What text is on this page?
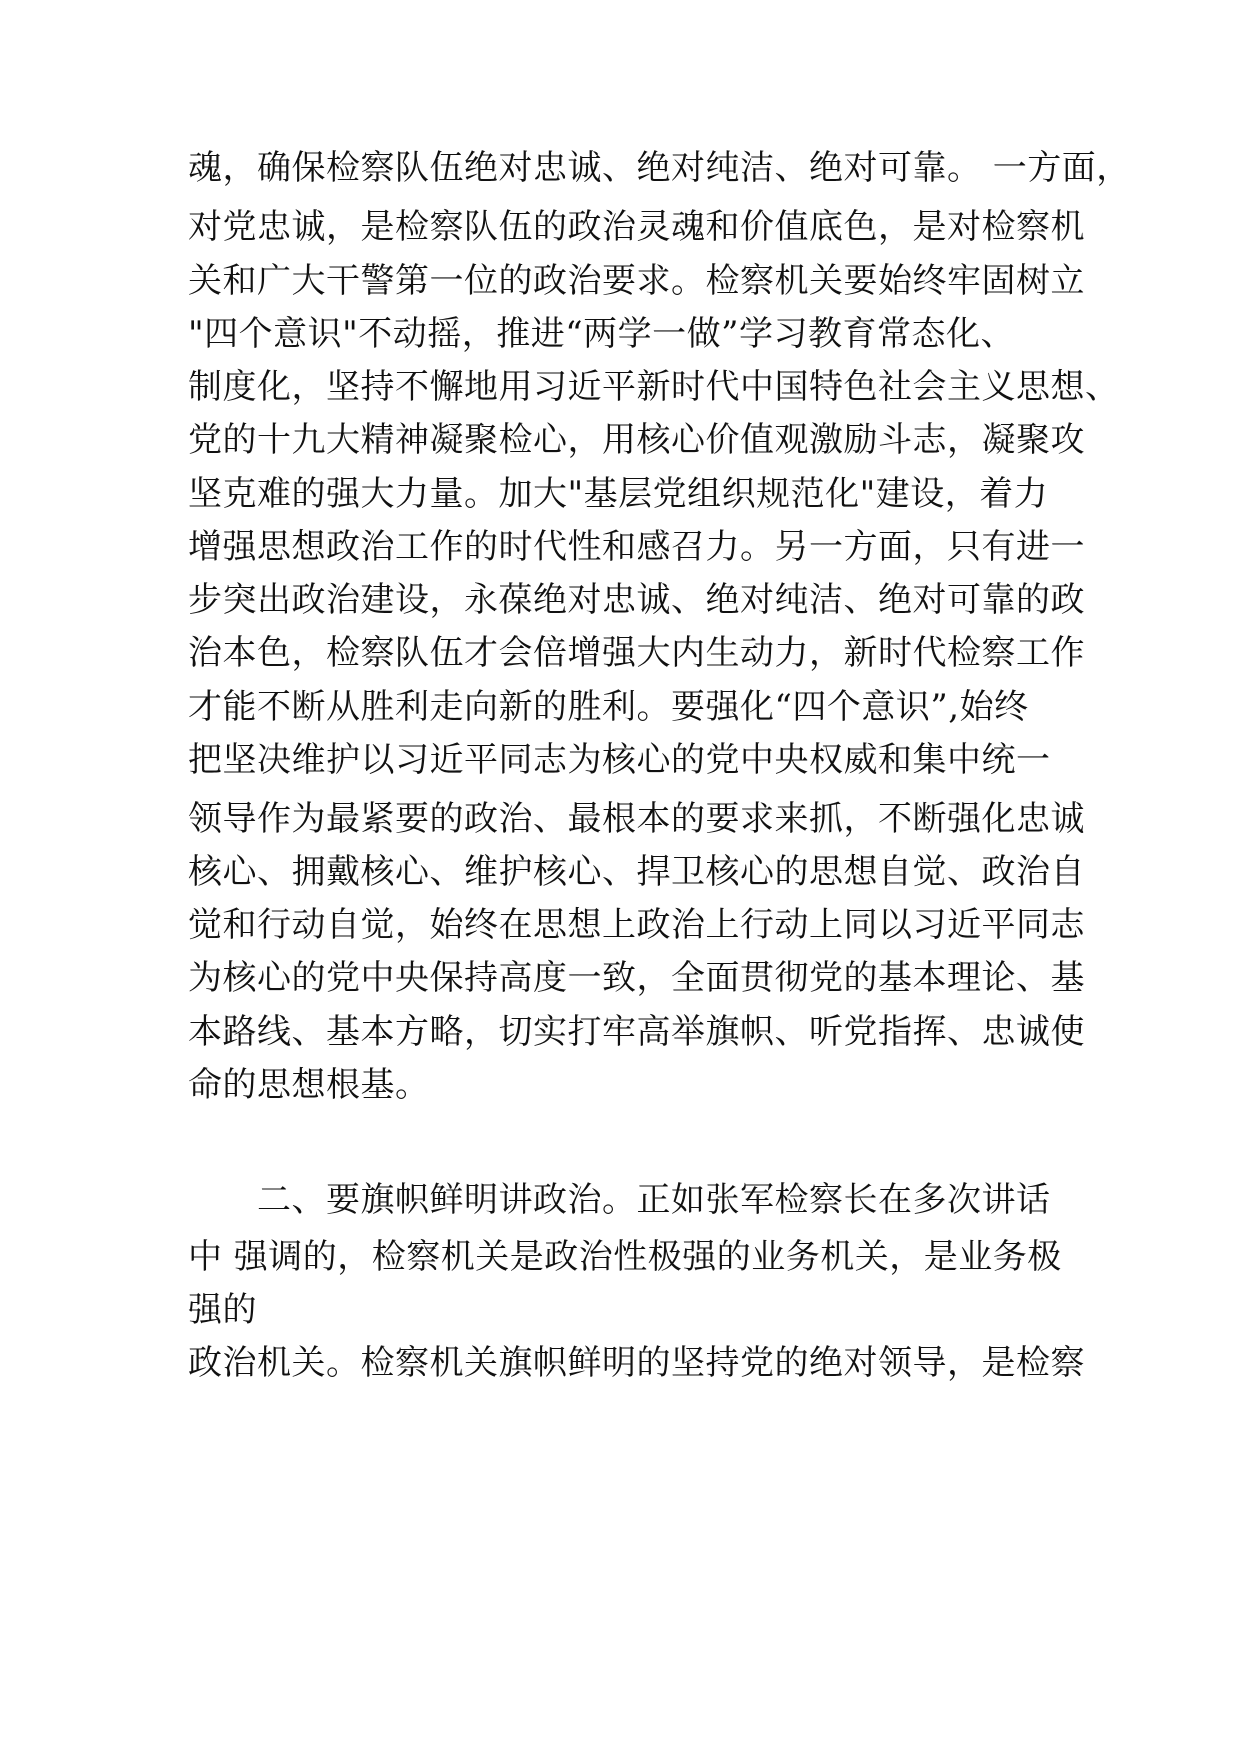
魂，确保检察队伍绝对忠诚、绝对纯洁、绝对可靠。 一方面，
对党忠诚，是检察队伍的政治灵魂和价值底色，是对检察机
关和广大干警第一位的政治要求。检察机关要始终牢固树立
"四个意识"不动摇，推进“两学一做”学习教育常态化、
制度化，坚持不懈地用习近平新时代中国特色社会主义思想、
党的十九大精神凝聚检心，用核心价值观激励斗志，凝聚攻
坚克难的强大力量。加大"基层党组织规范化"建设，着力
增强思想政治工作的时代性和感召力。另一方面，只有进一
步突出政治建设，永葆绝对忠诚、绝对纯洁、绝对可靠的政
治本色，检察队伍才会倍增强大内生动力，新时代检察工作
才能不断从胜利走向新的胜利。要强化“四个意识”,始终
把坚决维护以习近平同志为核心的党中央权威和集中统一
领导作为最紧要的政治、最根本的要求来抓，不断强化忠诚
核心、拥戴核心、维护核心、捍卫核心的思想自觉、政治自
觉和行动自觉，始终在思想上政治上行动上同以习近平同志
为核心的党中央保持高度一致，全面贯彻党的基本理论、基
本路线、基本方略，切实打牢高举旗帜、听党指挥、忠诚使
命的思想根基。
　　二、要旗帜鲜明讲政治。正如张军检察长在多次讲话
中 强调的，检察机关是政治性极强的业务机关，是业务极
强的
政治机关。检察机关旗帜鲜明的坚持党的绝对领导，是检察
